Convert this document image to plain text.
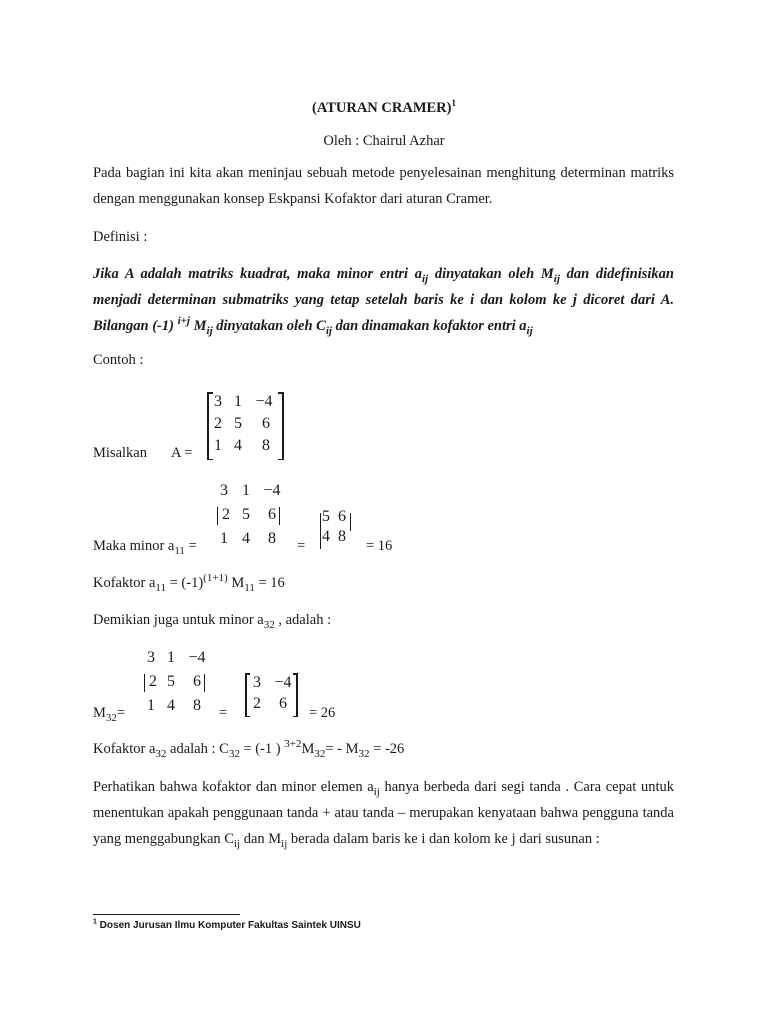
(ATURAN CRAMER)$^1$
Oleh : Chairul Azhar
Pada bagian ini kita akan meninjau sebuah metode penyelesainan menghitung determinan matriks dengan menggunakan konsep Eskpansi Kofaktor dari aturan Cramer.
Definisi :
Jika A adalah matriks kuadrat, maka minor entri $a_{ij}$ dinyatakan oleh $M_{ij}$ dan didefinisikan menjadi determinan submatriks yang tetap setelah baris ke i dan kolom ke j dicoret dari A. Bilangan (-1) $^{i+j}$ $M_{ij}$ dinyatakan oleh $C_{ij}$ dan dinamakan kofaktor entri $a_{ij}$
Contoh :
Misalkan A =
3 1 −4
2 5	6
1 4	8
3 1 −4
2 5	6
1 4	8
Maka minor $a_{11}$ =	=
5 6
4 8
= 16
Kofaktor $a_{11} = (-1)^{(1+1)}$ $M_{11} = 16$
Demikian juga untuk minor $a_{32}$ , adalah :
3 1 −4
2 5	6
1 4	8
$M_{32}=$	=
3 −4
2	6
= 26
Kofaktor $a_{32}$ adalah : $C_{32} = (-1$ ) $^{3+2}M_{32}= - M_{32} = -26$
Perhatikan bahwa kofaktor dan minor elemen $a_{ij}$ hanya berbeda dari segi tanda . Cara cepat untuk menentukan apakah penggunaan tanda + atau tanda – merupakan kenyataan bahwa pengguna tanda yang menggabungkan $C_{ij}$ dan $M_{ij}$ berada dalam baris ke i dan kolom ke j dari susunan :
$^1$ Dosen Jurusan Ilmu Komputer Fakultas Saintek UINSU
